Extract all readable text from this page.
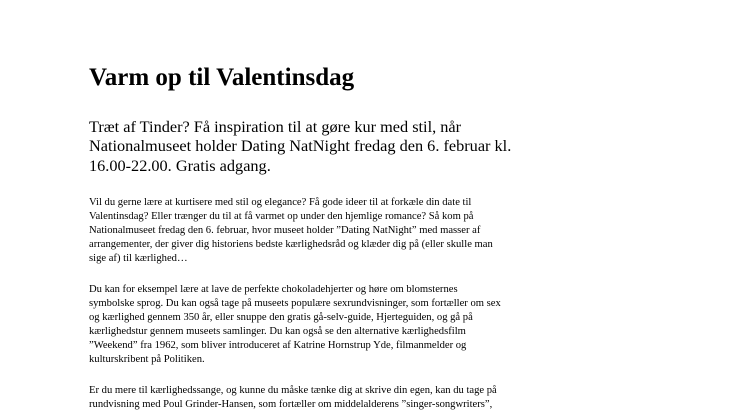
Varm op til Valentinsdag

Træt af Tinder? Få inspiration til at gøre kur med stil, når
Nationalmuseet holder Dating NatNight fredag den 6. februar kl.
16.00-22.00. Gratis adgang.

Vil du gerne lære at kurtisere med stil og elegance? Få gode ideer til at forkæle din date til
Valentinsdag? Eller trænger du til at få varmet op under den hjemlige romance? Så kom på
Nationalmuseet fredag den 6. februar, hvor museet holder ”Dating NatNight” med masser af
arrangementer, der giver dig historiens bedste kærlighedsråd og klæder dig på (eller skulle man
sige af) til kærlighed…

Du kan for eksempel lære at lave de perfekte chokoladehjerter og høre om blomsternes
symbolske sprog. Du kan også tage på museets populære sexrundvisninger, som fortæller om sex
og kærlighed gennem 350 år, eller snuppe den gratis gå-selv-guide, Hjerteguiden, og gå på
kærlighedstur gennem museets samlinger. Du kan også se den alternative kærlighedsfilm
”Weekend” fra 1962, som bliver introduceret af Katrine Hornstrup Yde, filmanmelder og
kulturskribent på Politiken.

Er du mere til kærlighedssange, og kunne du måske tænke dig at skrive din egen, kan du tage på
rundvisning med Poul Grinder-Hansen, som fortæller om middelalderens ”singer-songwriters”,
